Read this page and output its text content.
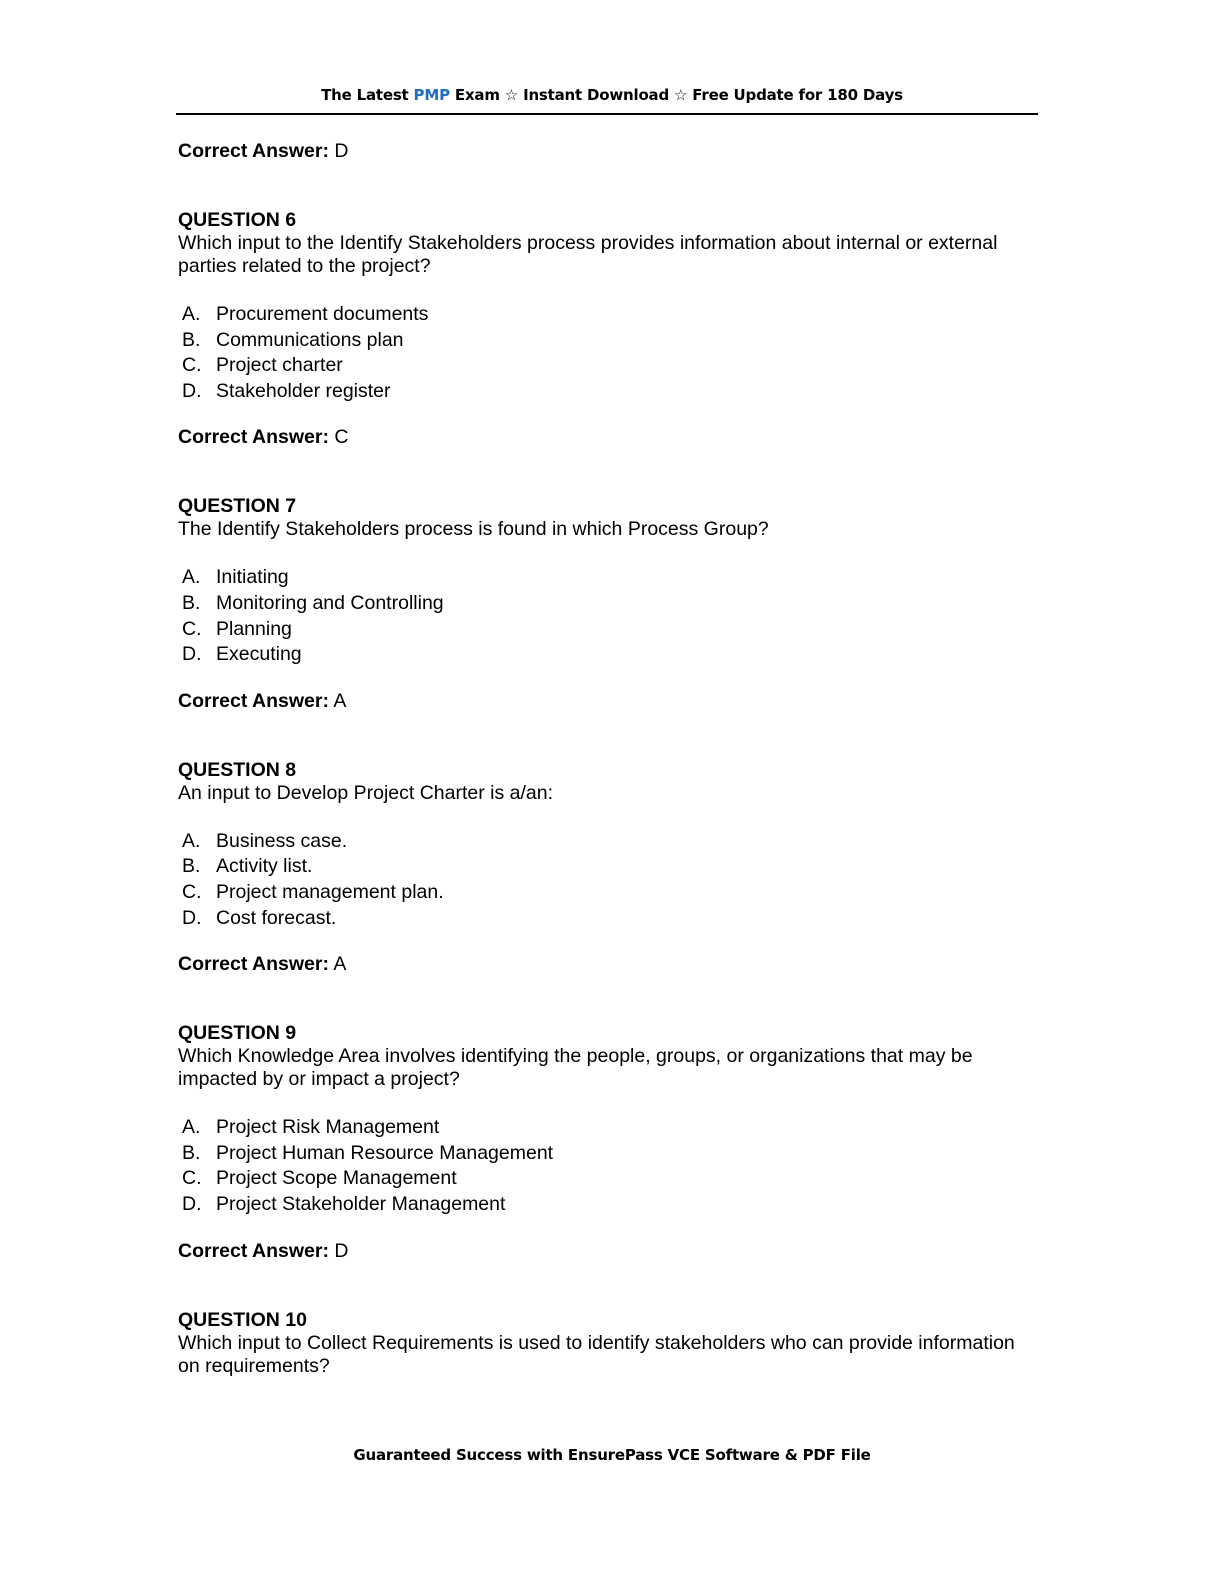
The Latest PMP Exam ☆ Instant Download ☆ Free Update for 180 Days

Correct Answer: D

QUESTION 6

Which input to the Identify Stakeholders process provides information about internal or external parties related to the project?

A. Procurement documents
B. Communications plan
C. Project charter
D. Stakeholder register

Correct Answer: C

QUESTION 7

The Identify Stakeholders process is found in which Process Group?

A. Initiating
B. Monitoring and Controlling
C. Planning
D. Executing

Correct Answer: A

QUESTION 8

An input to Develop Project Charter is a/an:

A. Business case.
B. Activity list.
C. Project management plan.
D. Cost forecast.

Correct Answer: A

QUESTION 9

Which Knowledge Area involves identifying the people, groups, or organizations that may be impacted by or impact a project?

A. Project Risk Management
B. Project Human Resource Management
C. Project Scope Management
D. Project Stakeholder Management

Correct Answer: D

QUESTION 10

Which input to Collect Requirements is used to identify stakeholders who can provide information on requirements?

Guaranteed Success with EnsurePass VCE Software & PDF File
